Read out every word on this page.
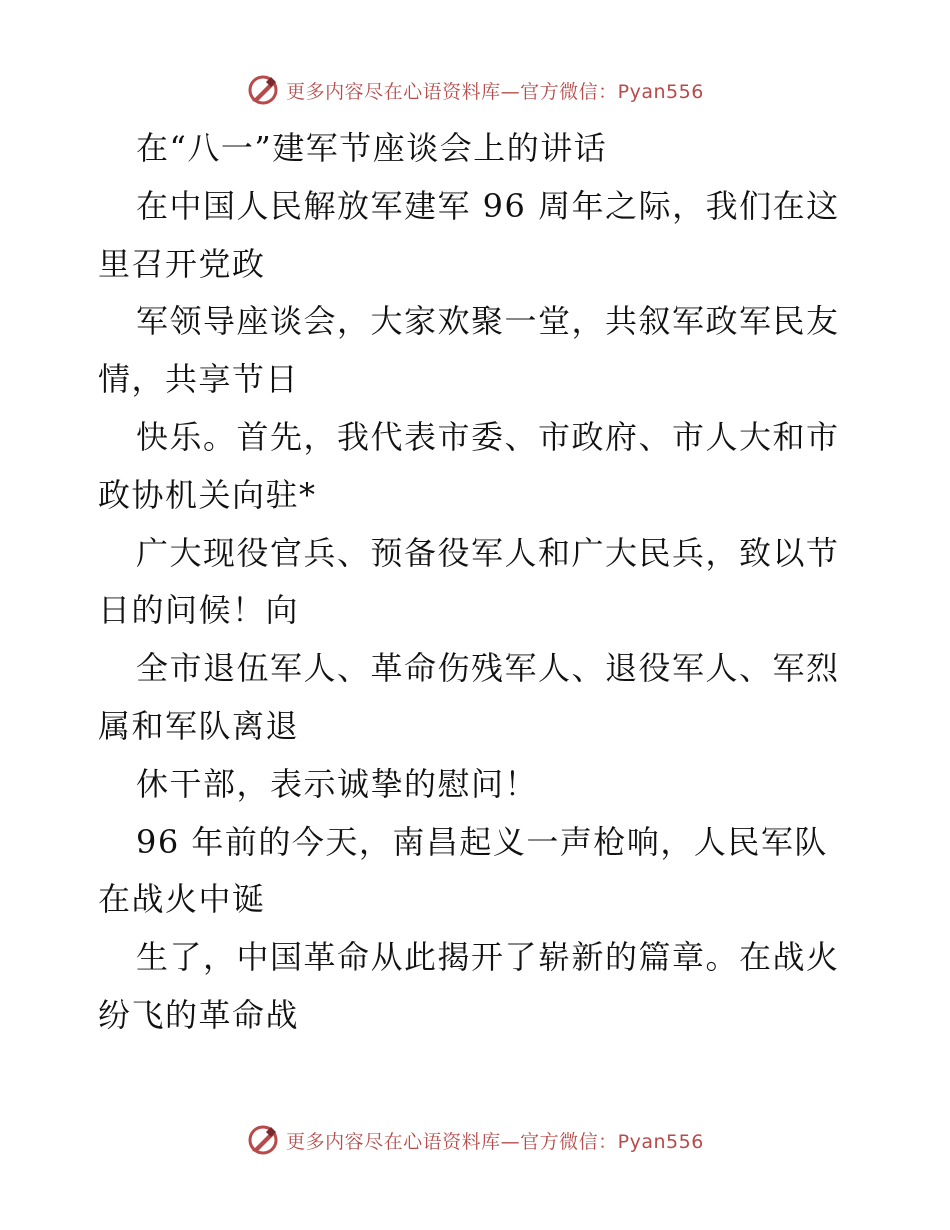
更多内容尽在心语资料库—官方微信：Pyan556
在“八一”建军节座谈会上的讲话
在中国人民解放军建军 96 周年之际，我们在这
里召开党政
军领导座谈会，大家欢聚一堂，共叙军政军民友
情，共享节日
快乐。首先，我代表市委、市政府、市人大和市
政协机关向驻*
广大现役官兵、预备役军人和广大民兵，致以节
日的问候！向
全市退伍军人、革命伤残军人、退役军人、军烈
属和军队离退
休干部，表示诚挚的慰问！
96 年前的今天，南昌起义一声枪响，人民军队
在战火中诞
生了，中国革命从此揭开了崭新的篇章。在战火
纷飞的革命战
更多内容尽在心语资料库—官方微信：Pyan556
